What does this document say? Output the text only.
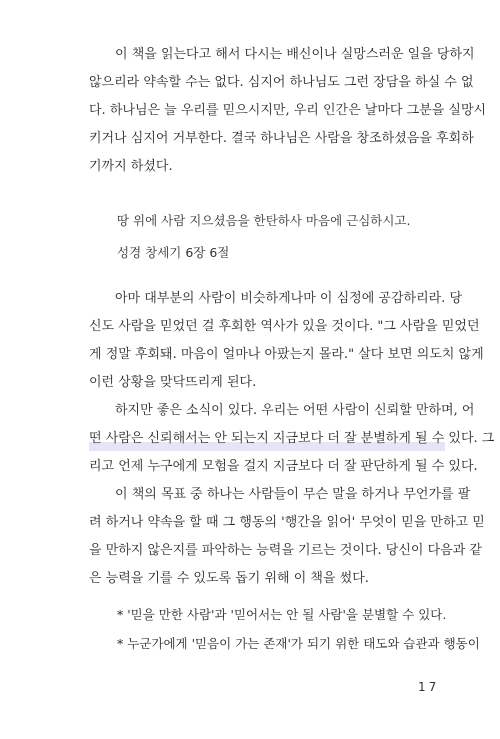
이 책을 읽는다고 해서 다시는 배신이나 실망스러운 일을 당하지
않으리라 약속할 수는 없다. 심지어 하나님도 그런 장담을 하실 수 없
다. 하나님은 늘 우리를 믿으시지만, 우리 인간은 날마다 그분을 실망시
키거나 심지어 거부한다. 결국 하나님은 사람을 창조하셨음을 후회하
기까지 하셨다.
땅 위에 사람 지으셨음을 한탄하사 마음에 근심하시고.
성경 창세기 6장 6절
아마 대부분의 사람이 비슷하게나마 이 심정에 공감하리라. 당
신도 사람을 믿었던 걸 후회한 역사가 있을 것이다. "그 사람을 믿었던
게 정말 후회돼. 마음이 얼마나 아팠는지 몰라." 살다 보면 의도치 않게
이런 상황을 맞닥뜨리게 된다.
하지만 좋은 소식이 있다. 우리는 어떤 사람이 신뢰할 만하며, 어
떤 사람은 신뢰해서는 안 되는지 지금보다 더 잘 분별하게 될 수 있다. 그
리고 언제 누구에게 모험을 걸지 지금보다 더 잘 판단하게 될 수 있다.
이 책의 목표 중 하나는 사람들이 무슨 말을 하거나 무언가를 팔
려 하거나 약속을 할 때 그 행동의 '행간을 읽어' 무엇이 믿을 만하고 믿
을 만하지 않은지를 파악하는 능력을 기르는 것이다. 당신이 다음과 같
은 능력을 기를 수 있도록 돕기 위해 이 책을 썼다.
* '믿을 만한 사람'과 '믿어서는 안 될 사람'을 분별할 수 있다.
* 누군가에게 '믿음이 가는 존재'가 되기 위한 태도와 습관과 행동이
17
